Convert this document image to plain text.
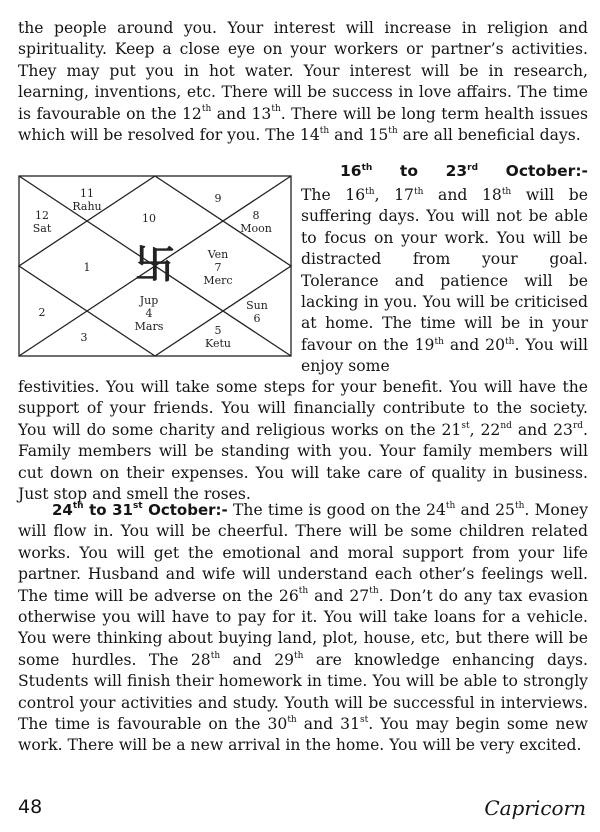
the people around you. Your interest will increase in religion and spirituality. Keep a close eye on your workers or partner’s activities. They may put you in hot water. Your interest will be in research, learning, inventions, etc. There will be success in love affairs. The time is favourable on the 12th and 13th. There will be long term health issues which will be resolved for you. The 14th and 15th are all beneficial days.

16th to 23rd October:-
卐
11
Rahu
12
Sat
10
9
8
Moon
Ven
7
Merc
1
Jup
4
Mars
2
3
Sun
6
5
Ketu

The 16th, 17th and 18th will be suffering days. You will not be able to focus on your work. You will be distracted from your goal. Tolerance and patience will be lacking in you. You will be criticised at home. The time will be in your favour on the 19th and 20th. You will enjoy some

festivities. You will take some steps for your benefit. You will have the support of your friends. You will financially contribute to the society. You will do some charity and religious works on the 21st, 22nd and 23rd. Family members will be standing with you. Your family members will cut down on their expenses. You will take care of quality in business. Just stop and smell the roses.

24th to 31st October:- The time is good on the 24th and 25th. Money will flow in. You will be cheerful. There will be some children related works. You will get the emotional and moral support from your life partner. Husband and wife will understand each other’s feelings well. The time will be adverse on the 26th and 27th. Don’t do any tax evasion otherwise you will have to pay for it. You will take loans for a vehicle. You were thinking about buying land, plot, house, etc, but there will be some hurdles. The 28th and 29th are knowledge enhancing days. Students will finish their homework in time. You will be able to strongly control your activities and study. Youth will be successful in interviews. The time is favourable on the 30th and 31st. You may begin some new work. There will be a new arrival in the home. You will be very excited.

48	Capricorn
